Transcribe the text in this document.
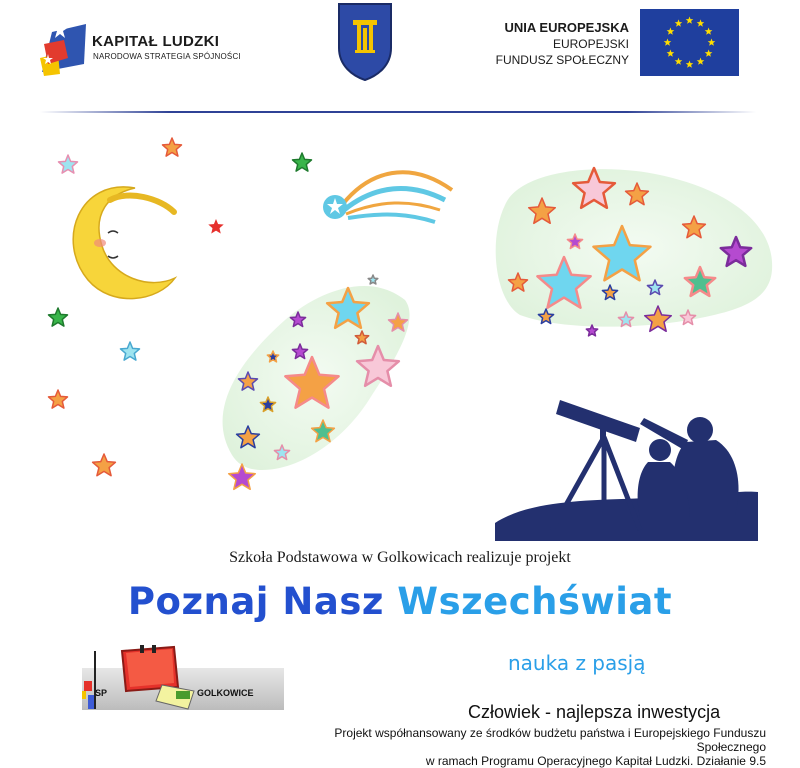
KAPITAŁ LUDZKI
NARODOWA STRATEGIA SPÓJNOŚCI
UNIA EUROPEJSKA
EUROPEJSKI
FUNDUSZ SPOŁECZNY
Szkoła Podstawowa w Golkowicach realizuje projekt
Poznaj Nasz Wszechświat
nauka z pasją
SP	GOLKOWICE
Człowiek - najlepsza inwestycja
Projekt współnansowany ze środków budżetu państwa i Europejskiego Funduszu Społecznego
w ramach Programu Operacyjnego Kapitał Ludzki. Działanie 9.5
